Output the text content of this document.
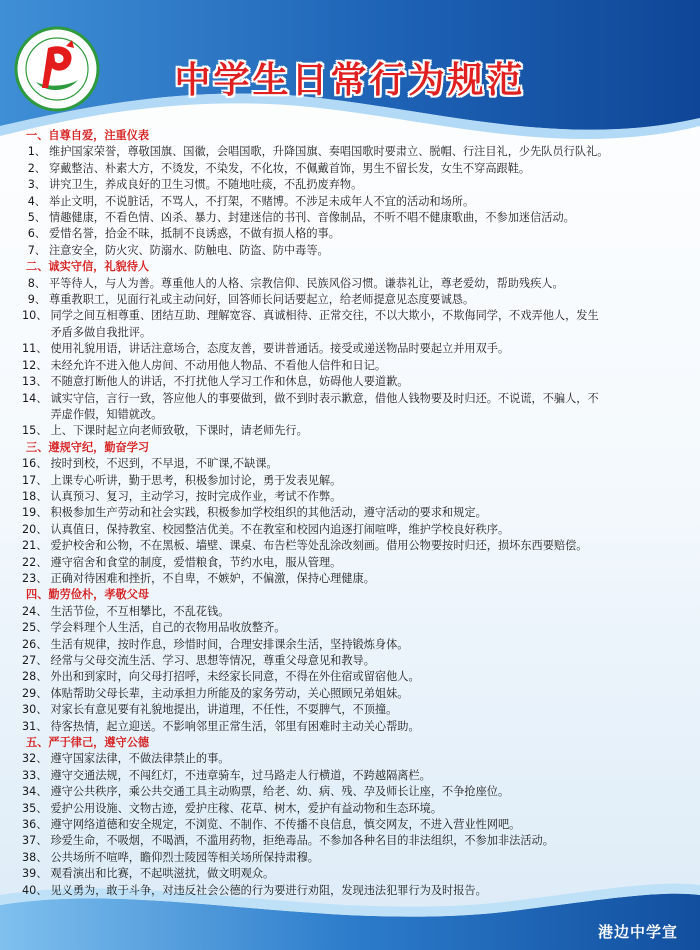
中学生日常行为规范
一、自尊自爱，注重仪表
1、 维护国家荣誉，尊敬国旗、国徽，会唱国歌，升降国旗、奏唱国歌时要肃立、脱帽、行注目礼，少先队员行队礼。
2、 穿戴整洁、朴素大方，不烫发，不染发，不化妆，不佩戴首饰，男生不留长发，女生不穿高跟鞋。
3、 讲究卫生，养成良好的卫生习惯。不随地吐痰，不乱扔废弃物。
4、 举止文明，不说脏话，不骂人，不打架，不赌博。不涉足未成年人不宜的活动和场所。
5、 情趣健康，不看色情、凶杀、暴力、封建迷信的书刊、音像制品，不听不唱不健康歌曲，不参加迷信活动。
6、 爱惜名誉，拾金不昧，抵制不良诱惑，不做有损人格的事。
7、 注意安全，防火灾、防溺水、防触电、防盗、防中毒等。
二、诚实守信，礼貌待人
8、 平等待人，与人为善。尊重他人的人格、宗教信仰、民族风俗习惯。谦恭礼让，尊老爱幼，帮助残疾人。
9、 尊重教职工，见面行礼或主动问好，回答师长问话要起立，给老师提意见态度要诚恳。
10、 同学之间互相尊重、团结互助、理解宽容、真诚相待、正常交往，不以大欺小，不欺侮同学，不戏弄他人，发生
矛盾多做自我批评。
11、 使用礼貌用语，讲话注意场合，态度友善，要讲普通话。接受或递送物品时要起立并用双手。
12、 未经允许不进入他人房间、不动用他人物品、不看他人信件和日记。
13、 不随意打断他人的讲话，不打扰他人学习工作和休息，妨碍他人要道歉。
14、 诚实守信，言行一致，答应他人的事要做到，做不到时表示歉意，借他人钱物要及时归还。不说谎，不骗人，不
弄虚作假，知错就改。
15、 上、下课时起立向老师致敬，下课时，请老师先行。
三、遵规守纪，勤奋学习
16、 按时到校，不迟到，不早退，不旷课,不缺课。
17、 上课专心听讲，勤于思考，积极参加讨论，勇于发表见解。
18、 认真预习、复习，主动学习，按时完成作业，考试不作弊。
19、 积极参加生产劳动和社会实践，积极参加学校组织的其他活动，遵守活动的要求和规定。
20、 认真值日，保持教室、校园整洁优美。不在教室和校园内追逐打闹喧哗，维护学校良好秩序。
21、 爱护校舍和公物，不在黑板、墙壁、课桌、布告栏等处乱涂改刻画。借用公物要按时归还，损坏东西要赔偿。
22、 遵守宿舍和食堂的制度，爱惜粮食，节约水电，服从管理。
23、 正确对待困难和挫折，不自卑，不嫉妒，不偏激，保持心理健康。
四、勤劳俭朴，孝敬父母
24、 生活节俭，不互相攀比，不乱花钱。
25、 学会料理个人生活，自己的衣物用品收放整齐。
26、 生活有规律，按时作息，珍惜时间，合理安排课余生活，坚持锻炼身体。
27、 经常与父母交流生活、学习、思想等情况，尊重父母意见和教导。
28、 外出和到家时，向父母打招呼，未经家长同意，不得在外住宿或留宿他人。
29、 体贴帮助父母长辈，主动承担力所能及的家务劳动，关心照顾兄弟姐妹。
30、 对家长有意见要有礼貌地提出，讲道理，不任性，不耍脾气，不顶撞。
31、 待客热情，起立迎送。不影响邻里正常生活，邻里有困难时主动关心帮助。
五、严于律己，遵守公德
32、 遵守国家法律，不做法律禁止的事。
33、 遵守交通法规，不闯红灯，不违章骑车，过马路走人行横道，不跨越隔离栏。
34、 遵守公共秩序，乘公共交通工具主动购票，给老、幼、病、残、孕及师长让座，不争抢座位。
35、 爱护公用设施、文物古迹，爱护庄稼、花草、树木，爱护有益动物和生态环境。
36、 遵守网络道德和安全规定，不浏览、不制作、不传播不良信息，慎交网友，不进入营业性网吧。
37、 珍爱生命，不吸烟，不喝酒，不滥用药物，拒绝毒品。不参加各种名目的非法组织，不参加非法活动。
38、 公共场所不喧哗，瞻仰烈士陵园等相关场所保持肃穆。
39、 观看演出和比赛，不起哄滋扰，做文明观众。
40、 见义勇为，敢于斗争，对违反社会公德的行为要进行劝阻，发现违法犯罪行为及时报告。
港边中学宣
